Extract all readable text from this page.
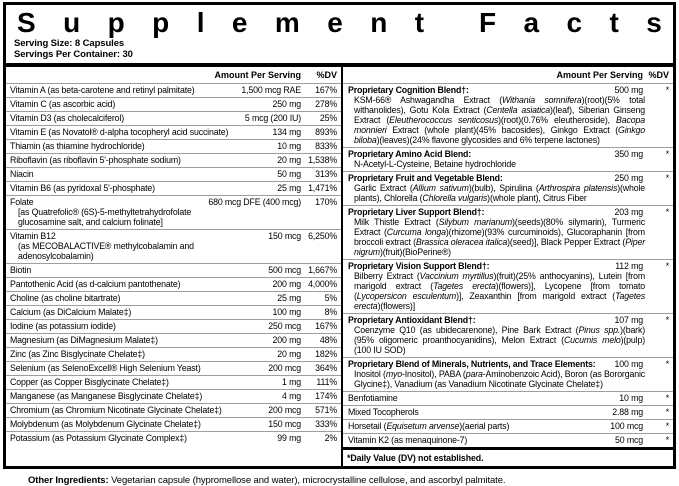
S u p p l e m e n t F a c t s
Serving Size: 8 Capsules
Servings Per Container: 30
Amount Per Serving	%DV
Vitamin A (as beta-carotene and retinyl palmitate)	1,500 mcg RAE	167%
Vitamin C (as ascorbic acid)	250 mg	278%
Vitamin D3 (as cholecalciferol)	5 mcg (200 IU)	25%
Vitamin E (as Novatol® d-alpha tocopheryl acid succinate)	134 mg	893%
Thiamin (as thiamine hydrochloride)	10 mg	833%
Riboflavin (as riboflavin 5'-phosphate sodium)	20 mg 1,538%
Niacin	50 mg	313%
Vitamin B6 (as pyridoxal 5'-phosphate)	25 mg 1,471%
Folate
[as Quatrefolic® (6S)-5-methyltetrahydrofolate glucosamine salt, and calcium folinate]
680 mcg DFE (400 mcg)	170%
Vitamin B12
(as MECOBALACTIVE® methylcobalamin and adenosylcobalamin)
150 mcg 6,250%
Biotin	500 mcg 1,667%
Pantothenic Acid (as d-calcium pantothenate)	200 mg 4,000%
Choline (as choline bitartrate)	25 mg	5%
Calcium (as DiCalcium Malate‡)	100 mg	8%
Iodine (as potassium iodide)	250 mcg	167%
Magnesium (as DiMagnesium Malate‡)	200 mg	48%
Zinc (as Zinc Bisglycinate Chelate‡)	20 mg	182%
Selenium (as SelenoExcell® High Selenium Yeast)	200 mcg	364%
Copper (as Copper Bisglycinate Chelate‡)	1 mg	111%
Manganese (as Manganese Bisglycinate Chelate‡)	4 mg	174%
Chromium (as Chromium Nicotinate Glycinate Chelate‡)	200 mcg	571%
Molybdenum (as Molybdenum Glycinate Chelate‡)	150 mcg	333%
Potassium (as Potassium Glycinate Complex‡)	99 mg	2%
Amount Per Serving %DV
Proprietary Cognition Blend†:	500 mg	*
KSM-66® Ashwagandha Extract (Withania somnifera)(root)(5% total withanolides), Gotu Kola Extract (Centella asiatica)(leaf), Siberian Ginseng Extract (Eleutherococcus senticosus)(root)(0.76% eleutheroside), Bacopa monnieri Extract (whole plant)(45% bacosides), Ginkgo Extract (Ginkgo biloba)(leaves)(24% flavone glycosides and 6% terpene lactones)
Proprietary Amino Acid Blend:	350 mg	*
N-Acetyl-L-Cysteine, Betaine hydrochloride
Proprietary Fruit and Vegetable Blend:	250 mg	*
Garlic Extract (Allium sativum)(bulb), Spirulina (Arthrospira platensis)(whole plants), Chlorella (Chlorella vulgaris)(whole plant), Citrus Fiber
Proprietary Liver Support Blend†:	203 mg	*
Milk Thistle Extract (Silybum marianum)(seeds)(80% silymarin), Turmeric Extract (Curcuma longa)(rhizome)(93% curcuminoids), Glucoraphanin [from broccoli extract (Brassica oleracea italica)(seed)], Black Pepper Extract (Piper nigrum)(fruit)(BioPerine®)
Proprietary Vision Support Blend†:	112 mg	*
Bilberry Extract (Vaccinium myrtillus)(fruit)(25% anthocyanins), Lutein [from marigold extract (Tagetes erecta)(flowers)], Lycopene [from tomato (Lycopersicon esculentum)], Zeaxanthin [from marigold extract (Tagetes erecta)(flowers)]
Proprietary Antioxidant Blend†:	107 mg	*
Coenzyme Q10 (as ubidecarenone), Pine Bark Extract (Pinus spp.)(bark)(95% oligomeric proanthocyanidins), Melon Extract (Cucumis melo)(pulp)(100 IU SOD)
Proprietary Blend of Minerals, Nutrients, and Trace Elements:	100 mg	*
Inositol (myo-Inositol), PABA (para-Aminobenzoic Acid), Boron (as Bororganic Glycine‡), Vanadium (as Vanadium Nicotinate Glycinate Chelate‡)
Benfotiamine	10 mg	*
Mixed Tocopherols	2.88 mg	*
Horsetail (Equisetum arvense)(aerial parts)	100 mcg	*
Vitamin K2 (as menaquinone-7)	50 mcg	*
*Daily Value (DV) not established.
Other Ingredients: Vegetarian capsule (hypromellose and water), microcrystalline cellulose, and ascorbyl palmitate.
